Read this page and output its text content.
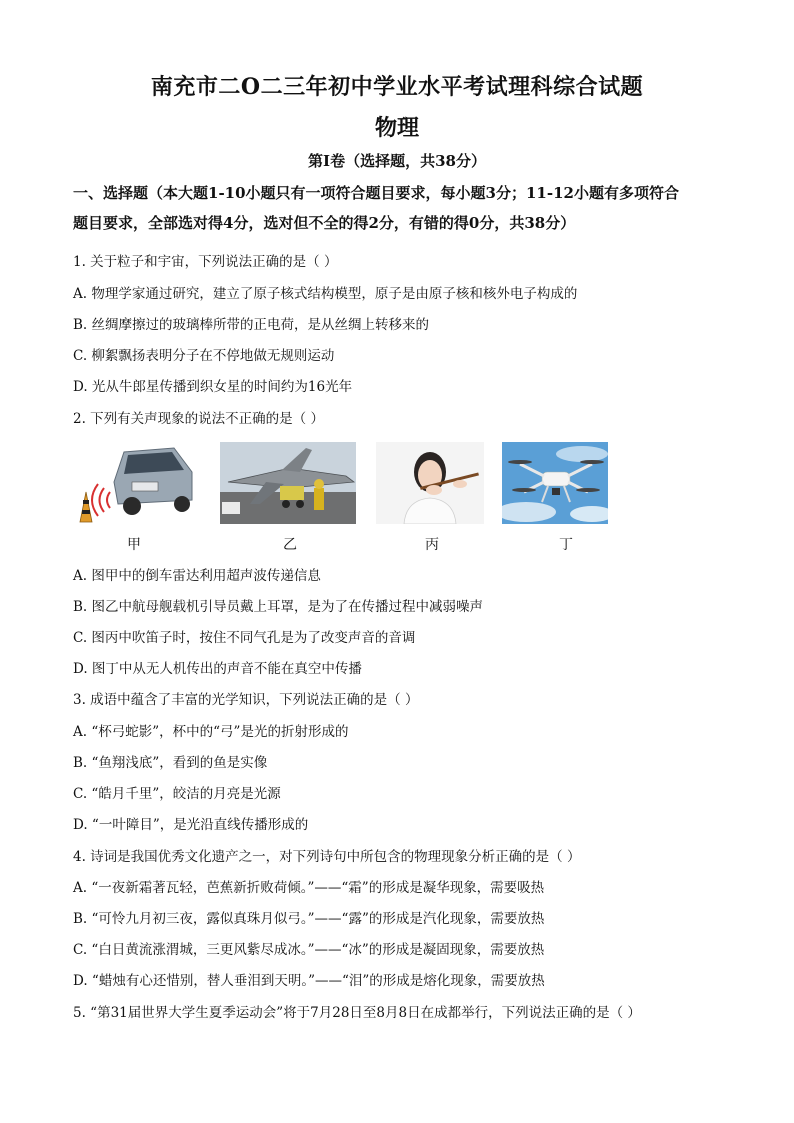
南充市二O二三年初中学业水平考试理科综合试题
物理
第Ⅰ卷（选择题，共38分）
一、选择题（本大题1-10小题只有一项符合题目要求，每小题3分；11-12小题有多项符合
题目要求，全部选对得4分，选对但不全的得2分，有错的得0分，共38分）
1. 关于粒子和宇宙，下列说法正确的是（ ）
A. 物理学家通过研究，建立了原子核式结构模型，原子是由原子核和核外电子构成的
B. 丝绸摩擦过的玻璃棒所带的正电荷，是从丝绸上转移来的
C. 柳絮飘扬表明分子在不停地做无规则运动
D. 光从牛郎星传播到织女星的时间约为16光年
2. 下列有关声现象的说法不正确的是（ ）
甲	乙	丙	丁
A. 图甲中的倒车雷达利用超声波传递信息
B. 图乙中航母舰载机引导员戴上耳罩，是为了在传播过程中减弱噪声
C. 图丙中吹笛子时，按住不同气孔是为了改变声音的音调
D. 图丁中从无人机传出的声音不能在真空中传播
3. 成语中蕴含了丰富的光学知识，下列说法正确的是（ ）
A. “杯弓蛇影”，杯中的“弓”是光的折射形成的
B. “鱼翔浅底”，看到的鱼是实像
C. “皓月千里”，皎洁的月亮是光源
D. “一叶障目”，是光沿直线传播形成的
4. 诗词是我国优秀文化遗产之一，对下列诗句中所包含的物理现象分析正确的是（ ）
A. “一夜新霜著瓦轻，芭蕉新折败荷倾。”——“霜”的形成是凝华现象，需要吸热
B. “可怜九月初三夜，露似真珠月似弓。”——“露”的形成是汽化现象，需要放热
C. “白日黄流涨渭城，三更风紫尽成冰。”——“冰”的形成是凝固现象，需要放热
D. “蜡烛有心还惜别，替人垂泪到天明。”——“泪”的形成是熔化现象，需要放热
5. “第31届世界大学生夏季运动会”将于7月28日至8月8日在成都举行，下列说法正确的是（ ）
